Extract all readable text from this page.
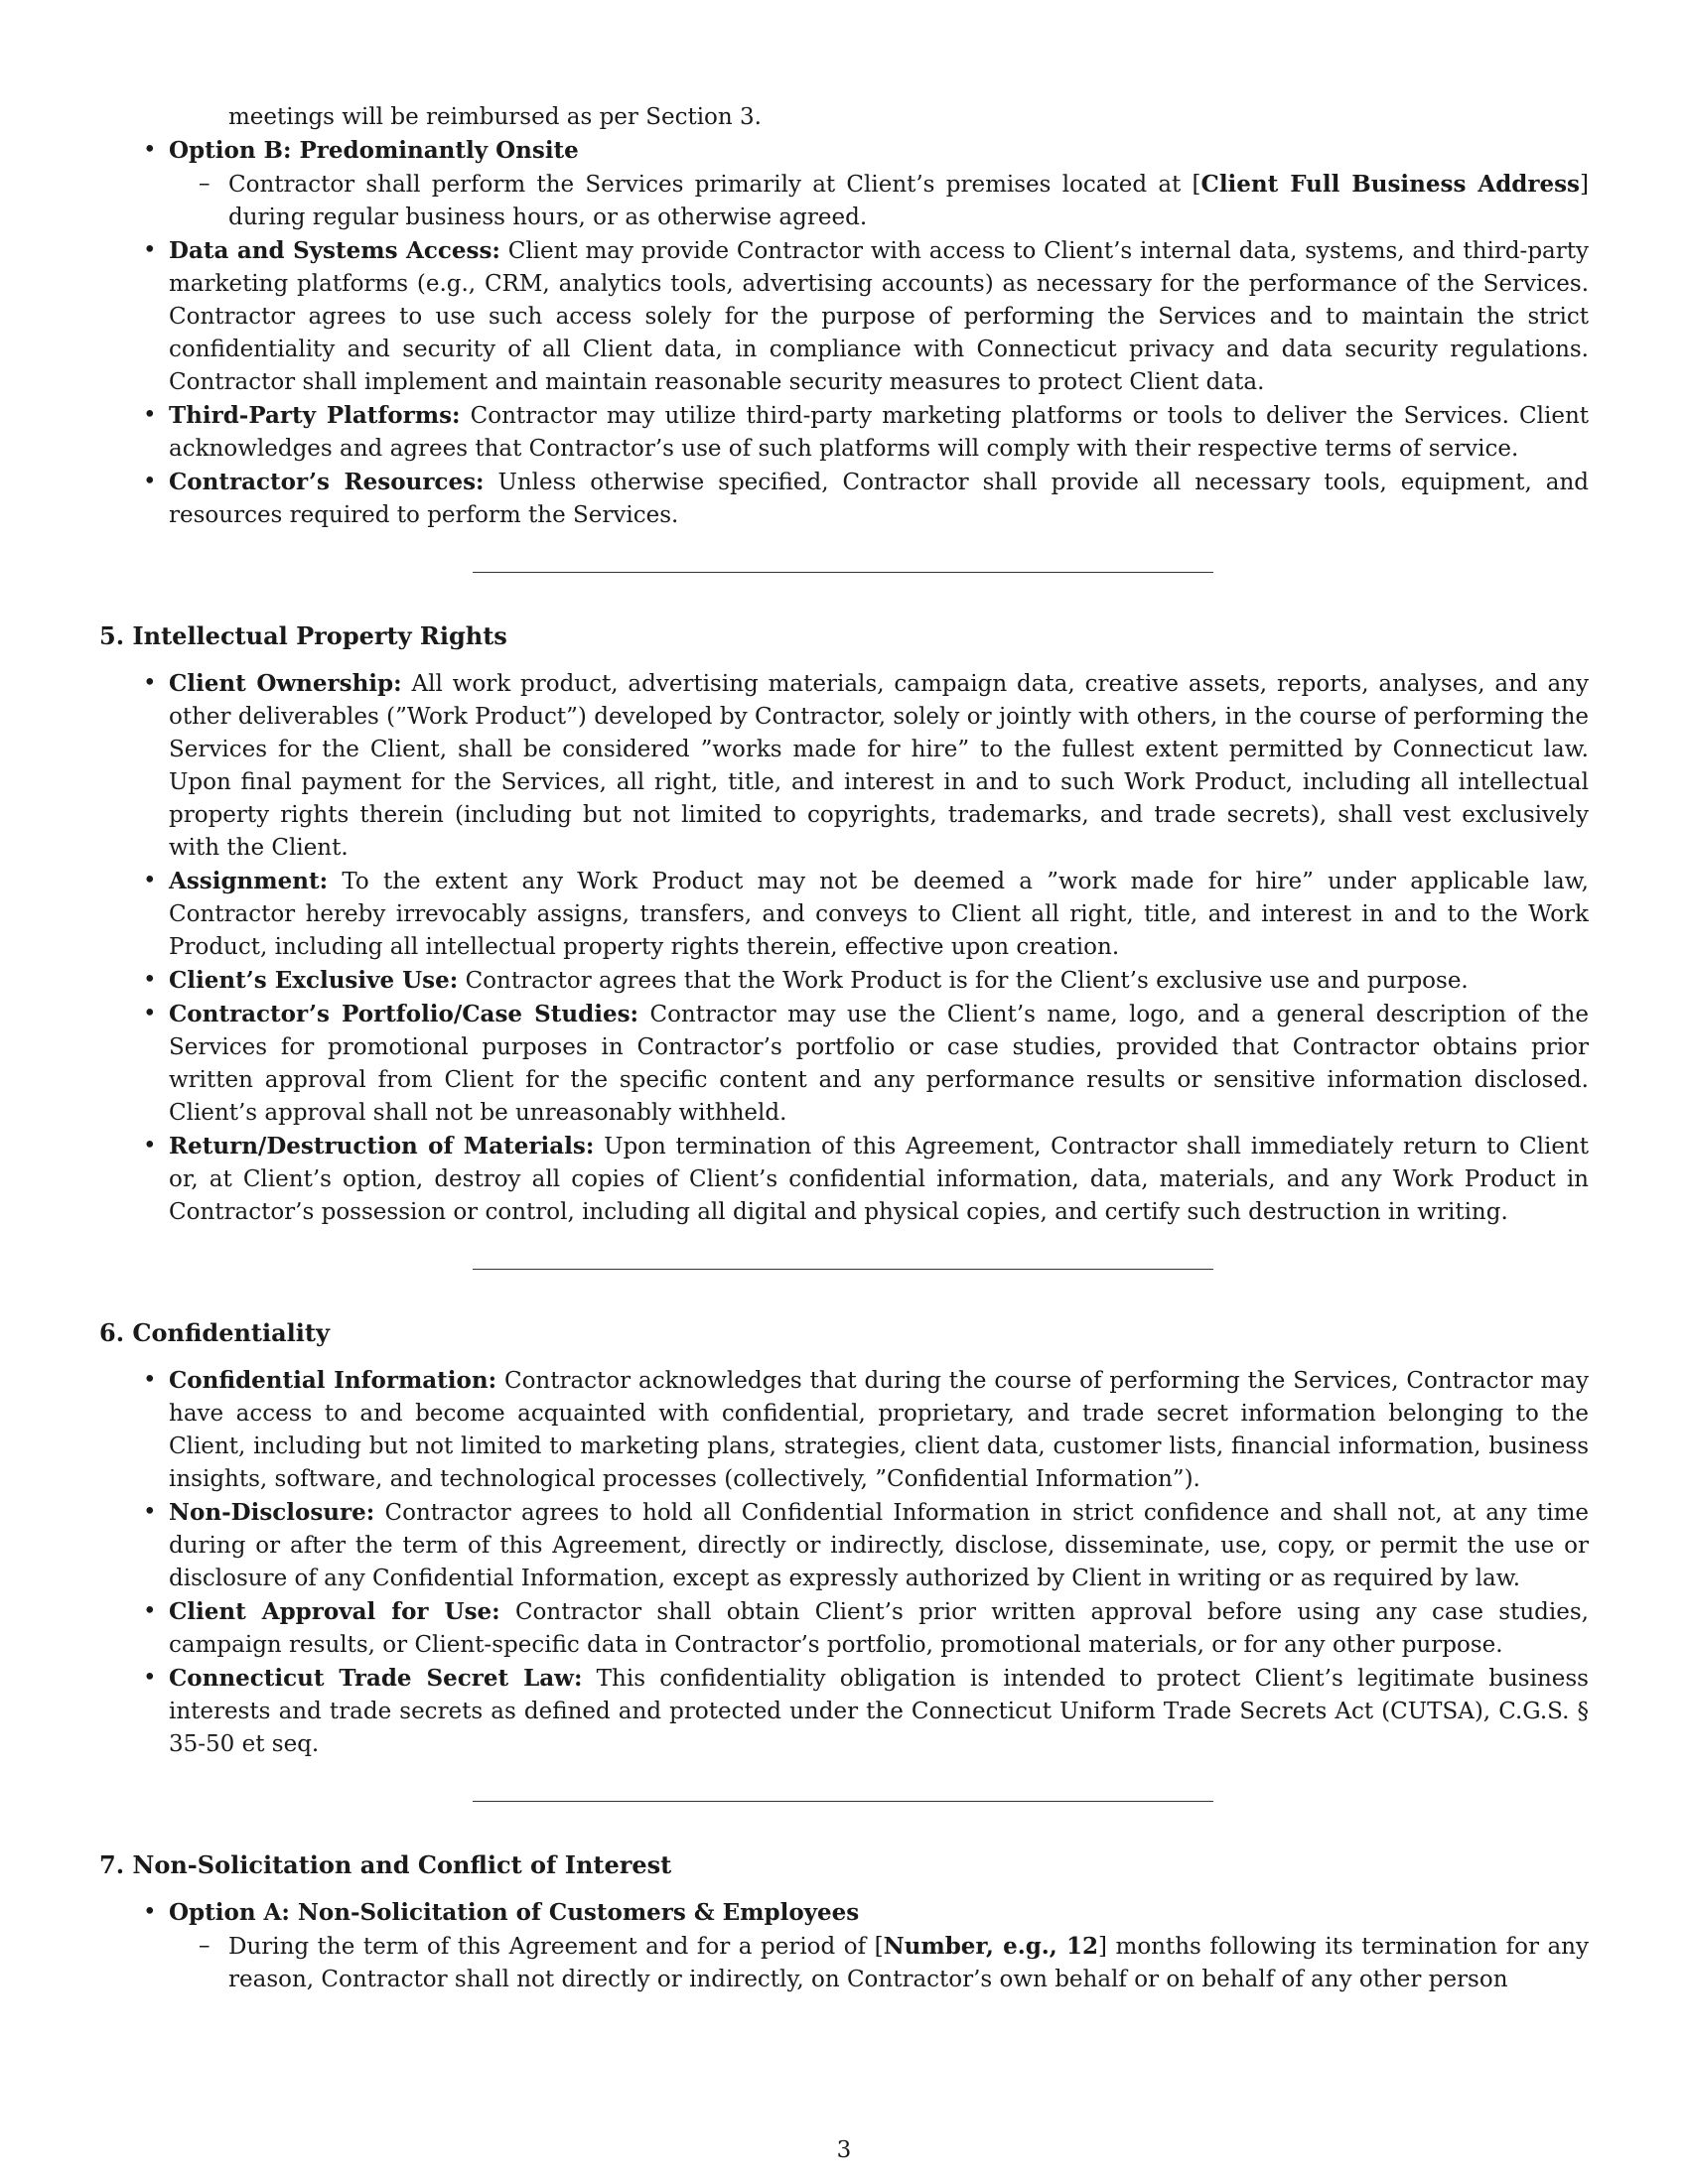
meetings will be reimbursed as per Section 3.

• Option B: Predominantly Onsite
– Contractor shall perform the Services primarily at Client’s premises located at [Client Full Business Address] during regular business hours, or as otherwise agreed.
• Data and Systems Access: Client may provide Contractor with access to Client’s internal data, systems, and third-party marketing platforms (e.g., CRM, analytics tools, advertising accounts) as necessary for the performance of the Services. Contractor agrees to use such access solely for the purpose of performing the Services and to maintain the strict confidentiality and security of all Client data, in compliance with Connecticut privacy and data security regulations. Contractor shall implement and maintain reasonable security measures to protect Client data.
• Third-Party Platforms: Contractor may utilize third-party marketing platforms or tools to deliver the Services. Client acknowledges and agrees that Contractor’s use of such platforms will comply with their respective terms of service.
• Contractor’s Resources: Unless otherwise specified, Contractor shall provide all necessary tools, equipment, and resources required to perform the Services.
5. Intellectual Property Rights
• Client Ownership: All work product, advertising materials, campaign data, creative assets, reports, analyses, and any other deliverables (”Work Product”) developed by Contractor, solely or jointly with others, in the course of performing the Services for the Client, shall be considered ”works made for hire” to the fullest extent permitted by Connecticut law. Upon final payment for the Services, all right, title, and interest in and to such Work Product, including all intellectual property rights therein (including but not limited to copyrights, trademarks, and trade secrets), shall vest exclusively with the Client.
• Assignment: To the extent any Work Product may not be deemed a ”work made for hire” under applicable law, Contractor hereby irrevocably assigns, transfers, and conveys to Client all right, title, and interest in and to the Work Product, including all intellectual property rights therein, effective upon creation.
• Client’s Exclusive Use: Contractor agrees that the Work Product is for the Client’s exclusive use and purpose.
• Contractor’s Portfolio/Case Studies: Contractor may use the Client’s name, logo, and a general description of the Services for promotional purposes in Contractor’s portfolio or case studies, provided that Contractor obtains prior written approval from Client for the specific content and any performance results or sensitive information disclosed. Client’s approval shall not be unreasonably withheld.
• Return/Destruction of Materials: Upon termination of this Agreement, Contractor shall immediately return to Client or, at Client’s option, destroy all copies of Client’s confidential information, data, materials, and any Work Product in Contractor’s possession or control, including all digital and physical copies, and certify such destruction in writing.
6. Confidentiality
• Confidential Information: Contractor acknowledges that during the course of performing the Services, Contractor may have access to and become acquainted with confidential, proprietary, and trade secret information belonging to the Client, including but not limited to marketing plans, strategies, client data, customer lists, financial information, business insights, software, and technological processes (collectively, ”Confidential Information”).
• Non-Disclosure: Contractor agrees to hold all Confidential Information in strict confidence and shall not, at any time during or after the term of this Agreement, directly or indirectly, disclose, disseminate, use, copy, or permit the use or disclosure of any Confidential Information, except as expressly authorized by Client in writing or as required by law.
• Client Approval for Use: Contractor shall obtain Client’s prior written approval before using any case studies, campaign results, or Client-specific data in Contractor’s portfolio, promotional materials, or for any other purpose.
• Connecticut Trade Secret Law: This confidentiality obligation is intended to protect Client’s legitimate business interests and trade secrets as defined and protected under the Connecticut Uniform Trade Secrets Act (CUTSA), C.G.S. § 35-50 et seq.
7. Non-Solicitation and Conflict of Interest
• Option A: Non-Solicitation of Customers & Employees
– During the term of this Agreement and for a period of [Number, e.g., 12] months following its termination for any reason, Contractor shall not directly or indirectly, on Contractor’s own behalf or on behalf of any other person
3
